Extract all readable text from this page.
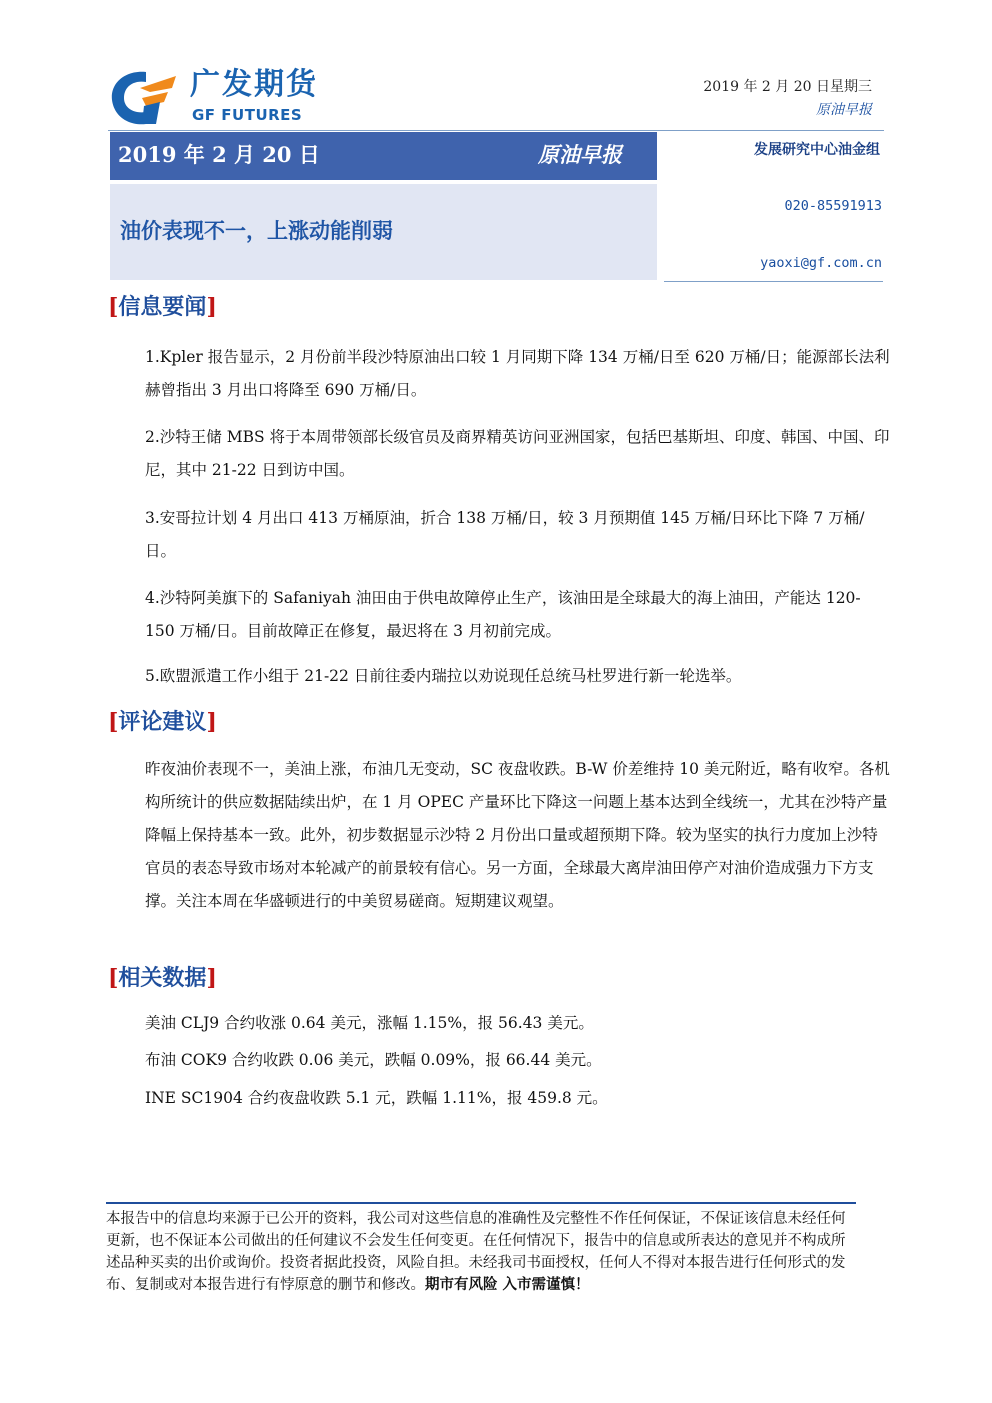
广发期货
GF FUTURES
2019 年 2 月 20 日星期三
原油早报
2019 年 2 月 20 日	原油早报
油价表现不一，上涨动能削弱
发展研究中心油金组
020-85591913
yaoxi@gf.com.cn
[信息要闻]

1.Kpler 报告显示，2 月份前半段沙特原油出口较 1 月同期下降 134 万桶/日至 620 万桶/日；能源部长法利赫曾指出 3 月出口将降至 690 万桶/日。

2.沙特王储 MBS 将于本周带领部长级官员及商界精英访问亚洲国家，包括巴基斯坦、印度、韩国、中国、印尼，其中 21-22 日到访中国。

3.安哥拉计划 4 月出口 413 万桶原油，折合 138 万桶/日，较 3 月预期值 145 万桶/日环比下降 7 万桶/日。

4.沙特阿美旗下的 Safaniyah 油田由于供电故障停止生产，该油田是全球最大的海上油田，产能达 120-150 万桶/日。目前故障正在修复，最迟将在 3 月初前完成。

5.欧盟派遣工作小组于 21-22 日前往委内瑞拉以劝说现任总统马杜罗进行新一轮选举。

[评论建议]

昨夜油价表现不一，美油上涨，布油几无变动，SC 夜盘收跌。B-W 价差维持 10 美元附近，略有收窄。各机构所统计的供应数据陆续出炉，在 1 月 OPEC 产量环比下降这一问题上基本达到全线统一，尤其在沙特产量降幅上保持基本一致。此外，初步数据显示沙特 2 月份出口量或超预期下降。较为坚实的执行力度加上沙特官员的表态导致市场对本轮减产的前景较有信心。另一方面，全球最大离岸油田停产对油价造成强力下方支撑。关注本周在华盛顿进行的中美贸易磋商。短期建议观望。

[相关数据]
美油 CLJ9 合约收涨 0.64 美元，涨幅 1.15%，报 56.43 美元。
布油 COK9 合约收跌 0.06 美元，跌幅 0.09%，报 66.44 美元。
INE SC1904 合约夜盘收跌 5.1 元，跌幅 1.11%，报 459.8 元。

本报告中的信息均来源于已公开的资料，我公司对这些信息的准确性及完整性不作任何保证，不保证该信息未经任何更新，也不保证本公司做出的任何建议不会发生任何变更。在任何情况下，报告中的信息或所表达的意见并不构成所述品种买卖的出价或询价。投资者据此投资，风险自担。未经我司书面授权，任何人不得对本报告进行任何形式的发布、复制或对本报告进行有悖原意的删节和修改。期市有风险 入市需谨慎！
